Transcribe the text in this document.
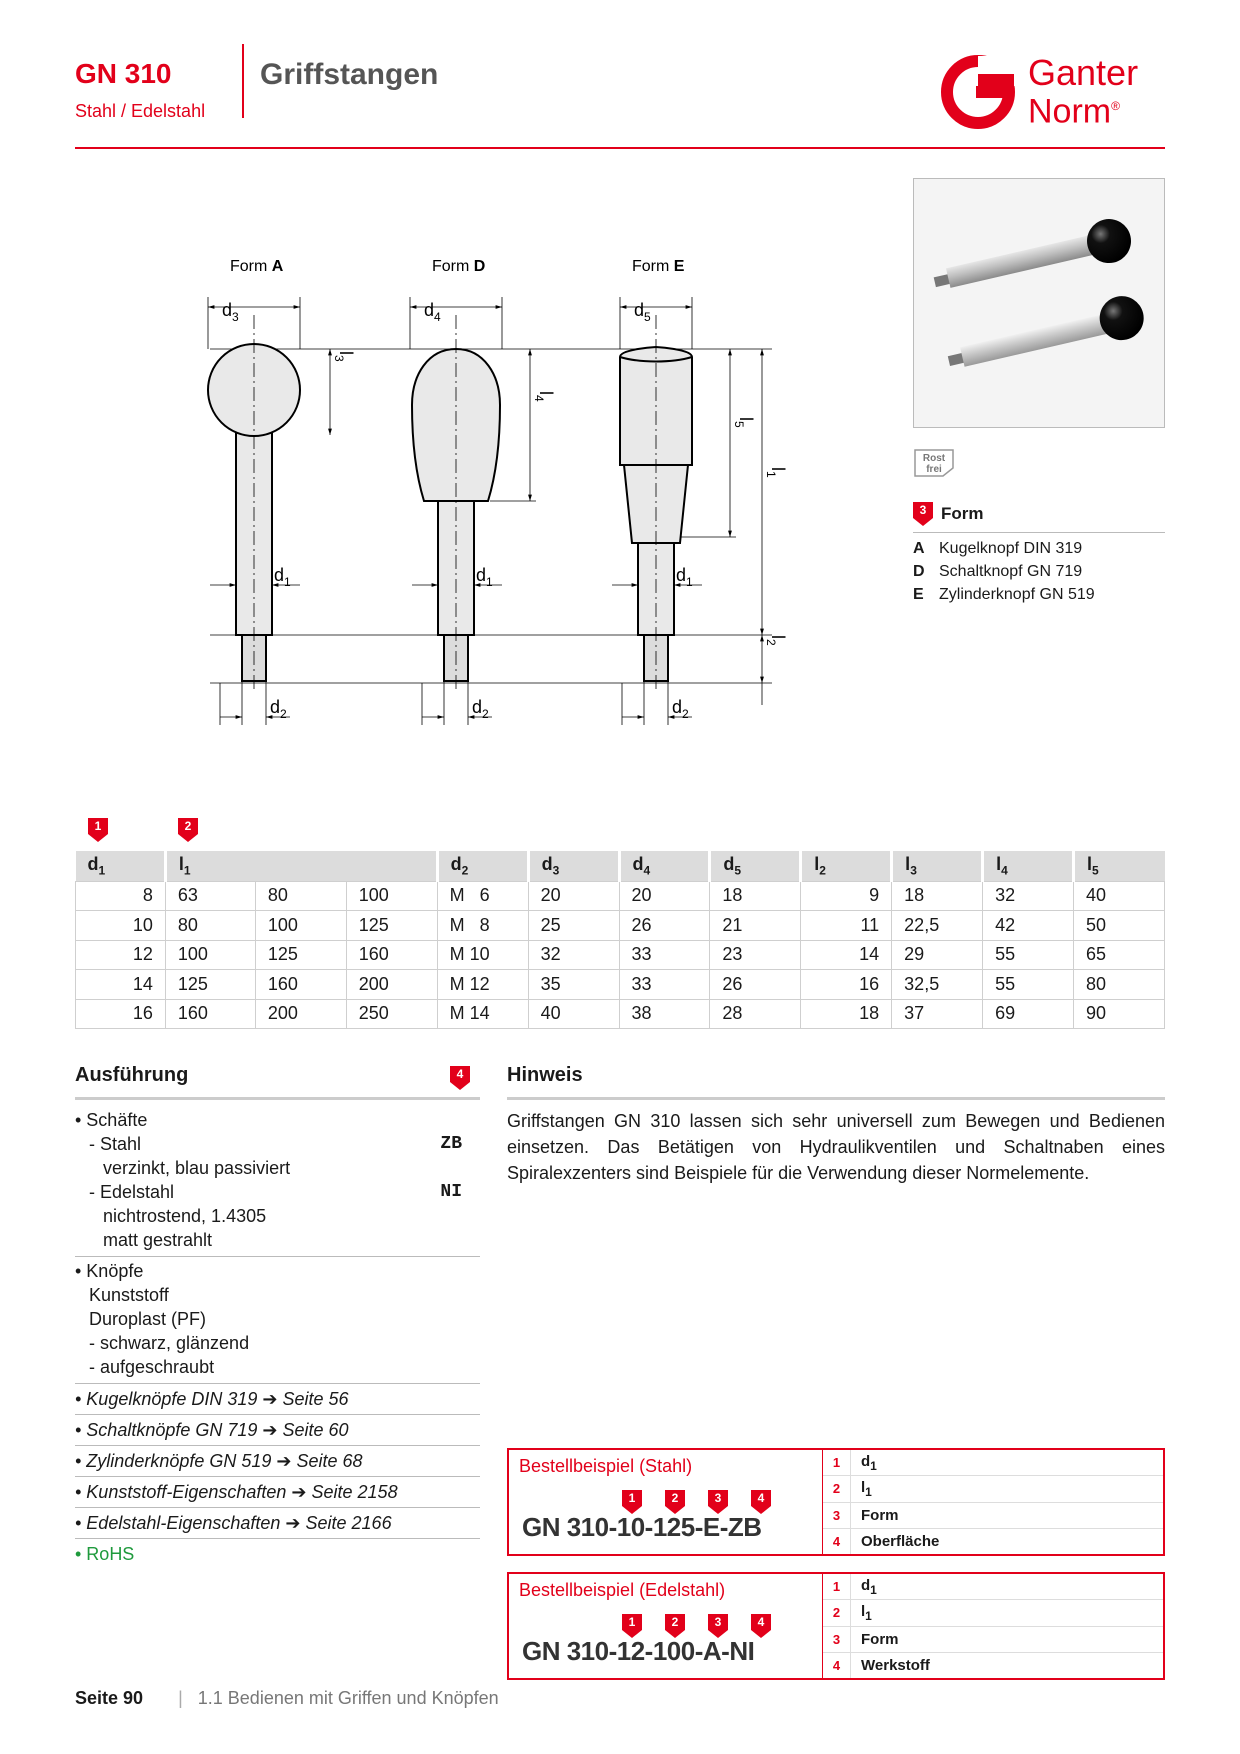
GN 310
Stahl / Edelstahl
Griffstangen	Ganter
Norm®
Form A	Form D	Form E
$d_3$
$l_3$
$d_1$
$d_2$
$d_4$
$l_4$
$d_1$
$d_2$
$d_5$
$l_5$
$l_1$
$l_2$
$d_1$
$d_2$
Rost
frei
3 Form
A Kugelknopf DIN 319
D Schaltknopf GN 719
E Zylinderknopf GN 519
1	2
$d_1$	$l_1$			$d_2$	$d_3$	$d_4$	$d_5$	$l_2$	$l_3$	$l_4$	$l_5$
8	63	80	100	M   6	20	20	18	9	18	32	40
10	80	100	125	M   8	25	26	21	11	22,5	42	50
12	100	125	160	M 10	32	33	23	14	29	55	65
14	125	160	200	M 12	35	33	26	16	32,5	55	80
16	160	200	250	M 14	40	38	28	18	37	69	90
Ausführung	4
• Schäfte
- Stahl	ZB
verzinkt, blau passiviert
- Edelstahl	NI
nichtrostend, 1.4305
matt gestrahlt
• Knöpfe
Kunststoff
Duroplast (PF)
- schwarz, glänzend
- aufgeschraubt
• Kugelknöpfe DIN 319 ➔ Seite 56
• Schaltknöpfe GN 719 ➔ Seite 60
• Zylinderknöpfe GN 519 ➔ Seite 68
• Kunststoff-Eigenschaften ➔ Seite 2158
• Edelstahl-Eigenschaften ➔ Seite 2166
• RoHS
Hinweis
Griffstangen GN 310 lassen sich sehr universell zum Bewegen und Bedienen einsetzen. Das Betätigen von Hydraulikventilen und Schaltnaben eines Spiralexzenters sind Beispiele für die Verwendung dieser Normelemente.
Bestellbeispiel (Stahl)
1	2	3	4
GN 310-10-125-E-ZB
1	$d_1$
2	$l_1$
3	Form
4	Oberfläche
Bestellbeispiel (Edelstahl)
1	2	3	4
GN 310-12-100-A-NI
1	$d_1$
2	$l_1$
3	Form
4	Werkstoff
Seite 90 | 1.1 Bedienen mit Griffen und Knöpfen
